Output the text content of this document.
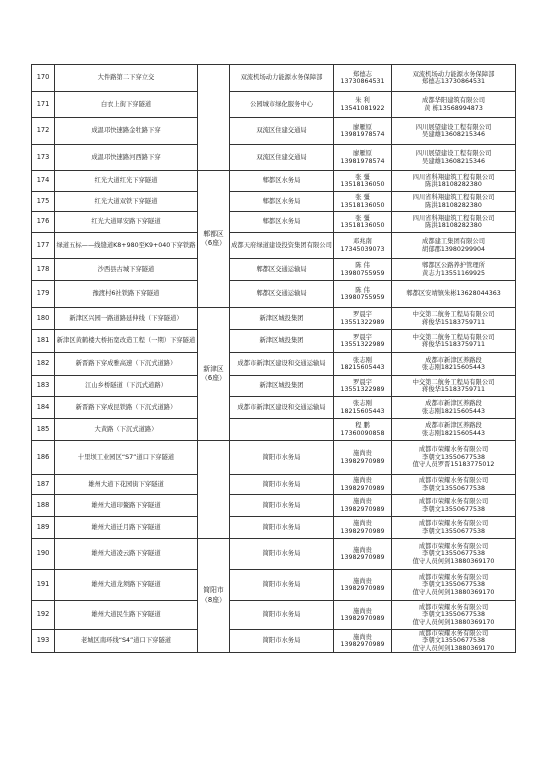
170	大件路第二下穿立交		双流机场动力能源水务保障部	郑德志
13730864531	双流机场动力能源水务保障部
郑德志13730864531

171	白衣上街下穿隧道		公园城市绿化服务中心	朱 利
13541081922	成都华阳建筑有限公司
黄 栋13568994873

172	成温邛快速路金牡路下穿		双流区住建交通局	廖雁原
13981978574	四川展望建设工程有限公司
吴建雄13608215346

173	成温邛快速路河西路下穿		双流区住建交通局	廖雁原
13981978574	四川展望建设工程有限公司
吴建雄13608215346

174	红光大道红光下穿隧道	郫都区
（6座）	郫都区水务局	张 彊
13518136050	四川省科翔建筑工程有限公司
陈洪18108282380

175	红光大道双铁下穿隧道		郫都区水务局	张 彊
13518136050	四川省科翔建筑工程有限公司
陈洪18108282380

176	红光大道犀安路下穿隧道		郫都区水务局	张 彊
13518136050	四川省科翔建筑工程有限公司
陈洪18108282380

177	绿道五标——线缝道K8+980至K9+040下穿铁路		成都天府绿道建设投资集团有限公司	邓兆南
17345039073	成都建工集团有限公司
胡郁郡13980299904

178	沙西县古城下穿隧道		郫都区交通运输局	陈 伟
13980755959	郫都区公路养护管理所
黄志力13551169925

179	豫渡村6社铁路下穿隧道		郫都区交通运输局	陈 伟
13980755959	郫都区安靖镇朱彬13628044363

180	新津区兴园一路道路延伸线（下穿隧道）	新津区
（6座）	新津区城投集团	罗晨宇
13551322989	中交第二航务工程局有限公司
蒋俊华15183759711

181	新津区黄鹤楼大桥拓宽改造工程（一期）下穿隧道		新津区城投集团	罗晨宇
13551322989	中交第二航务工程局有限公司
蒋俊华15183759711

182	新晋路下穿成雅高速（下沉式道路）		成都市新津区建设和交通运输局	张志刚
18215605443	成都市新津区养路段
张志刚18215605443

183	江山乡桥隧道（下沉式道路）		新津区城投集团	罗晨宇
13551322989	中交第二航务工程局有限公司
蒋俊华15183759711

184	新晋路下穿成昆铁路（下沉式道路）		成都市新津区建设和交通运输局	张志刚
18215605443	成都市新津区养路段
张志刚18215605443

185	大黄路（下沉式道路）			程 鹏
17360090858	成都市新津区养路段
张志刚18215605443

186	十里坝工业园区“S7”道口下穿隧道		简阳市水务局	施尚贵
13982970989	成都市荣耀水务有限公司
李朝文13550677538
值守人员罗晋15183775012

187	雄州大道下花园街下穿隧道		简阳市水务局	施尚贵
13982970989	成都市荣耀水务有限公司
李朝文13550677538

188	雄州大道印鳌路下穿隧道		简阳市水务局	施尚贵
13982970989	成都市荣耀水务有限公司
李朝文13550677538

189	雄州大道迁月路下穿隧道		简阳市水务局	施尚贵
13982970989	成都市荣耀水务有限公司
李朝文13550677538

190	雄州大道凌云路下穿隧道	简阳市
（8座）	简阳市水务局	施尚贵
13982970989	成都市荣耀水务有限公司
李朝文13550677538
值守人员何剑13880369170

191	雄州大道龙须路下穿隧道		简阳市水务局	施尚贵
13982970989	成都市荣耀水务有限公司
李朝文13550677538
值守人员何剑13880369170

192	雄州大道民生路下穿隧道		简阳市水务局	施尚贵
13982970989	成都市荣耀水务有限公司
李朝文13550677538
值守人员何剑13880369170

193	老城区南环线“S4”道口下穿隧道		简阳市水务局	施尚贵
13982970989	成都市荣耀水务有限公司
李朝文13550677538
值守人员何剑13880369170
